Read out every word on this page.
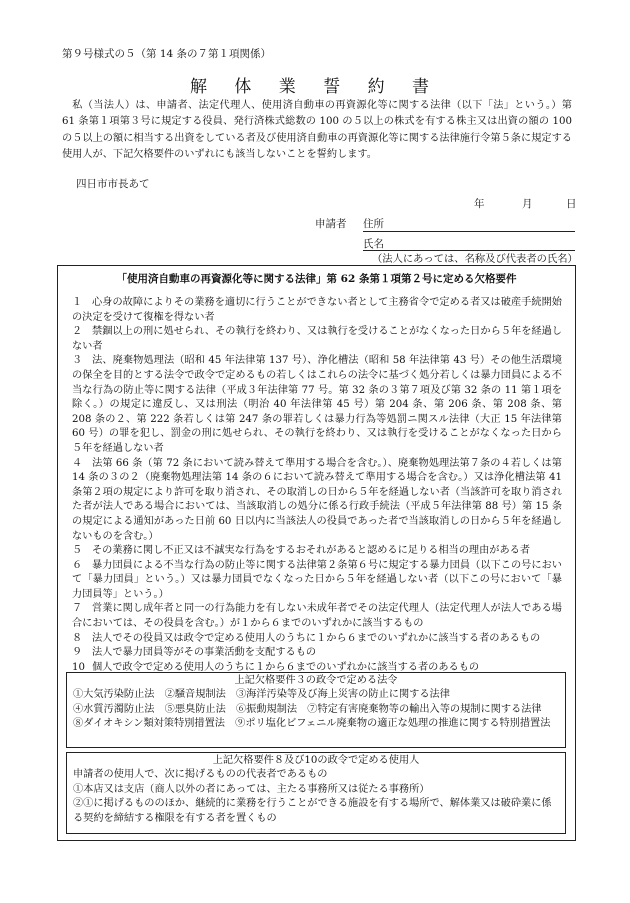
第９号様式の５（第 14 条の７第１項関係）
解 体 業 誓 約 書

私（当法人）は、申請者、法定代理人、使用済自動車の再資源化等に関する法律（以下「法」という。）第 61 条第１項第３号に規定する役員、発行済株式総数の 100 の５以上の株式を有する株主又は出資の額の 100 の５以上の額に相当する出資をしている者及び使用済自動車の再資源化等に関する法律施行令第５条に規定する使用人が、下記欠格要件のいずれにも該当しないことを誓約します。

四日市市長あて
年	月	日
申請者 住所
氏名
（法人にあっては、名称及び代表者の氏名）
「使用済自動車の再資源化等に関する法律」第 62 条第１項第２号に定める欠格要件
１ 心身の故障によりその業務を適切に行うことができない者として主務省令で定める者又は破産手続開始の決定を受けて復権を得ない者
２ 禁錮以上の刑に処せられ、その執行を終わり、又は執行を受けることがなくなった日から５年を経過しない者
３ 法、廃棄物処理法（昭和 45 年法律第 137 号）、浄化槽法（昭和 58 年法律第 43 号）その他生活環境の保全を目的とする法令で政令で定めるもの若しくはこれらの法令に基づく処分若しくは暴力団員による不当な行為の防止等に関する法律（平成３年法律第 77 号。第 32 条の３第７項及び第 32 条の 11 第１項を除く。）の規定に違反し、又は刑法（明治 40 年法律第 45 号）第 204 条、第 206 条、第 208 条、第 208 条の２、第 222 条若しくは第 247 条の罪若しくは暴力行為等処罰ニ関スル法律（大正 15 年法律第 60 号）の罪を犯し、罰金の刑に処せられ、その執行を終わり、又は執行を受けることがなくなった日から５年を経過しない者
４ 法第 66 条（第 72 条において読み替えて準用する場合を含む。）、廃棄物処理法第７条の４若しくは第 14 条の３の２（廃棄物処理法第 14 条の６において読み替えて準用する場合を含む。）又は浄化槽法第 41 条第２項の規定により許可を取り消され、その取消しの日から５年を経過しない者（当該許可を取り消された者が法人である場合においては、当該取消しの処分に係る行政手続法（平成５年法律第 88 号）第 15 条の規定による通知があった日前 60 日以内に当該法人の役員であった者で当該取消しの日から５年を経過しないものを含む。）
５ その業務に関し不正又は不誠実な行為をするおそれがあると認めるに足りる相当の理由がある者
６ 暴力団員による不当な行為の防止等に関する法律第２条第６号に規定する暴力団員（以下この号において「暴力団員」という。）又は暴力団員でなくなった日から５年を経過しない者（以下この号において「暴力団員等」という。）
７ 営業に関し成年者と同一の行為能力を有しない未成年者でその法定代理人（法定代理人が法人である場合においては、その役員を含む。）が１から６までのいずれかに該当するもの
８ 法人でその役員又は政令で定める使用人のうちに１から６までのいずれかに該当する者のあるもの
９ 法人で暴力団員等がその事業活動を支配するもの
10 個人で政令で定める使用人のうちに１から６までのいずれかに該当する者のあるもの
上記欠格要件３の政令で定める法令
①大気汚染防止法　②騒音規制法　③海洋汚染等及び海上災害の防止に関する法律
④水質汚濁防止法　⑤悪臭防止法　⑥振動規制法　⑦特定有害廃棄物等の輸出入等の規制に関する法律　⑧ダイオキシン類対策特別措置法　⑨ポリ塩化ビフェニル廃棄物の適正な処理の推進に関する特別措置法
上記欠格要件８及び10の政令で定める使用人
申請者の使用人で、次に掲げるものの代表者であるもの
①本店又は支店（商人以外の者にあっては、主たる事務所又は従たる事務所）
②①に掲げるもののほか、継続的に業務を行うことができる施設を有する場所で、解体業又は破砕業に係る契約を締結する権限を有する者を置くもの
